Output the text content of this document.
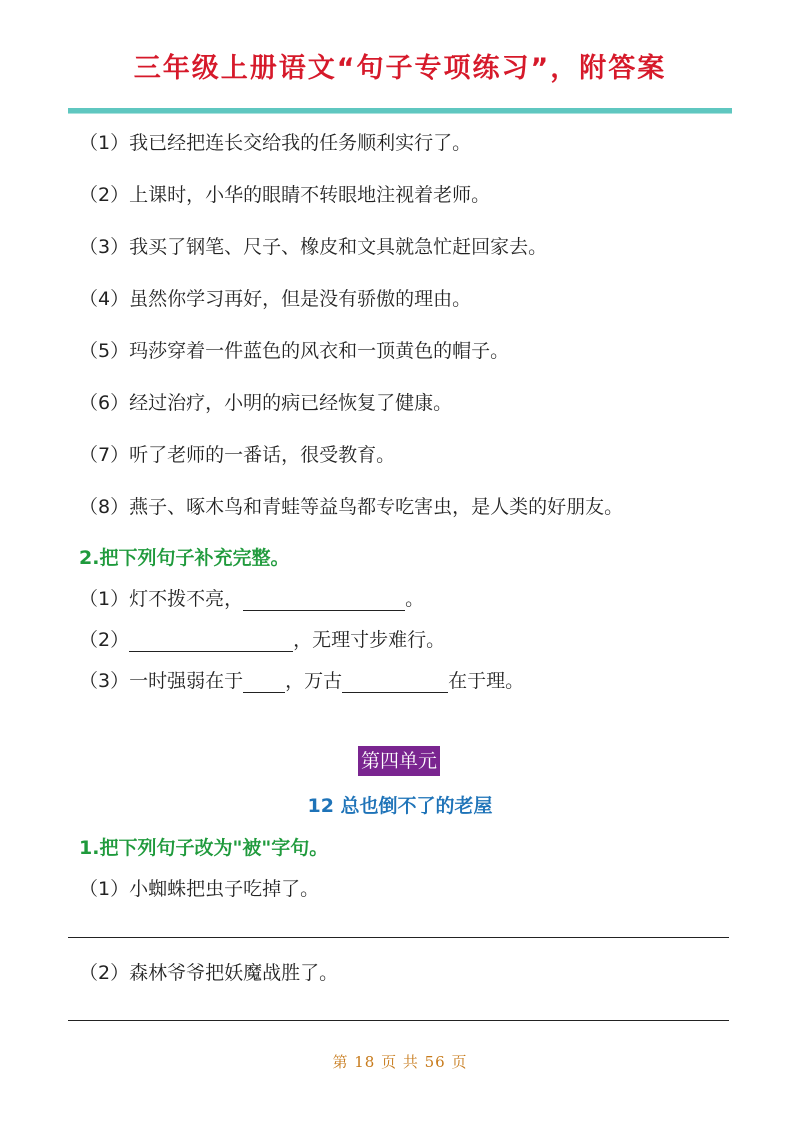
三年级上册语文“句子专项练习”，附答案
（1）我已经把连长交给我的任务顺利实行了。
（2）上课时，小华的眼睛不转眼地注视着老师。
（3）我买了钢笔、尺子、橡皮和文具就急忙赶回家去。
（4）虽然你学习再好，但是没有骄傲的理由。
（5）玛莎穿着一件蓝色的风衣和一顶黄色的帽子。
（6）经过治疗，小明的病已经恢复了健康。
（7）听了老师的一番话，很受教育。
（8）燕子、啄木鸟和青蛙等益鸟都专吃害虫，是人类的好朋友。
2.把下列句子补充完整。
（1）灯不拨不亮，	。
（2）	，无理寸步难行。
（3）一时强弱在于 ，万古	在于理。
第四单元
12 总也倒不了的老屋
1.把下列句子改为"被"字句。
（1）小蜘蛛把虫子吃掉了。
（2）森林爷爷把妖魔战胜了。
第 18 页 共 56 页
